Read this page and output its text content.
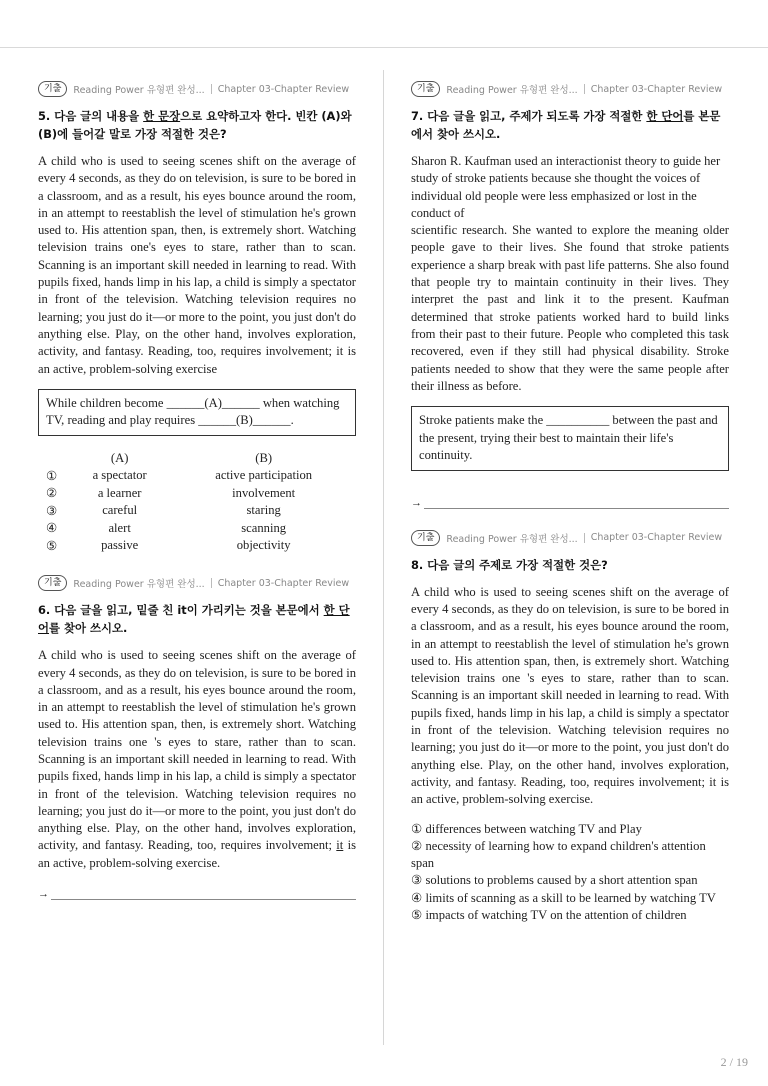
기출	Reading Power 유형편 완성... Chapter 03-Chapter Review
5. 다음 글의 내용을 한 문장으로 요약하고자 한다. 빈칸 (A)와 (B)에 들어갈 말로 가장 적절한 것은?
A child who is used to seeing scenes shift on the average of every 4 seconds, as they do on television, is sure to be bored in a classroom, and as a result, his eyes bounce around the room, in an attempt to reestablish the level of stimulation he's grown used to. His attention span, then, is extremely short. Watching television trains one's eyes to stare, rather than to scan. Scanning is an important skill needed in learning to read. With pupils fixed, hands limp in his lap, a child is simply a spectator in front of the television. Watching television requires no learning; you just do it—or more to the point, you just don't do anything else. Play, on the other hand, involves exploration, activity, and fantasy. Reading, too, requires involvement; it is an active, problem-solving exercise
While children become ______(A)______ when watching TV, reading and play requires ______(B)______.
	(A)	(B)
①	a spectator	active participation
②	a learner	involvement
③	careful	staring
④	alert	scanning
⑤	passive	objectivity
기출	Reading Power 유형편 완성... Chapter 03-Chapter Review
6. 다음 글을 읽고, 밑줄 친 it이 가리키는 것을 본문에서 한 단어를 찾아 쓰시오.
A child who is used to seeing scenes shift on the average of every 4 seconds, as they do on television, is sure to be bored in a classroom, and as a result, his eyes bounce around the room, in an attempt to reestablish the level of stimulation he's grown used to. His attention span, then, is extremely short. Watching television trains one 's eyes to stare, rather than to scan. Scanning is an important skill needed in learning to read. With pupils fixed, hands limp in his lap, a child is simply a spectator in front of the television. Watching television requires no learning; you just do it—or more to the point, you just don't do anything else. Play, on the other hand, involves exploration, activity, and fantasy. Reading, too, requires involvement; it is an active, problem-solving exercise.
→
기출	Reading Power 유형편 완성... Chapter 03-Chapter Review
7. 다음 글을 읽고, 주제가 되도록 가장 적절한 한 단어를 본문에서 찾아 쓰시오.
Sharon R. Kaufman used an interactionist theory to guide her study of stroke patients because she thought the voices of individual old people were less emphasized or lost in the conduct of
scientific research. She wanted to explore the meaning older people gave to their lives. She found that stroke patients experience a sharp break with past life patterns. She also found that people try to maintain continuity in their lives. They interpret the past and link it to the present. Kaufman determined that stroke patients worked hard to build links from their past to their future. People who completed this task recovered, even if they still had physical disability. Stroke patients needed to show that they were the same people after their illness as before.
Stroke patients make the __________ between the past and the present, trying their best to maintain their life's continuity.
→
기출	Reading Power 유형편 완성... Chapter 03-Chapter Review
8. 다음 글의 주제로 가장 적절한 것은?
A child who is used to seeing scenes shift on the average of every 4 seconds, as they do on television, is sure to be bored in a classroom, and as a result, his eyes bounce around the room, in an attempt to reestablish the level of stimulation he's grown used to. His attention span, then, is extremely short. Watching television trains one 's eyes to stare, rather than to scan. Scanning is an important skill needed in learning to read. With pupils fixed, hands limp in his lap, a child is simply a spectator in front of the television. Watching television requires no learning; you just do it—or more to the point, you just don't do anything else. Play, on the other hand, involves exploration, activity, and fantasy. Reading, too, requires involvement; it is an active, problem-solving exercise.
① differences between watching TV and Play
② necessity of learning how to expand children's attention span
③ solutions to problems caused by a short attention span
④ limits of scanning as a skill to be learned by watching TV
⑤ impacts of watching TV on the attention of children
2 / 19
